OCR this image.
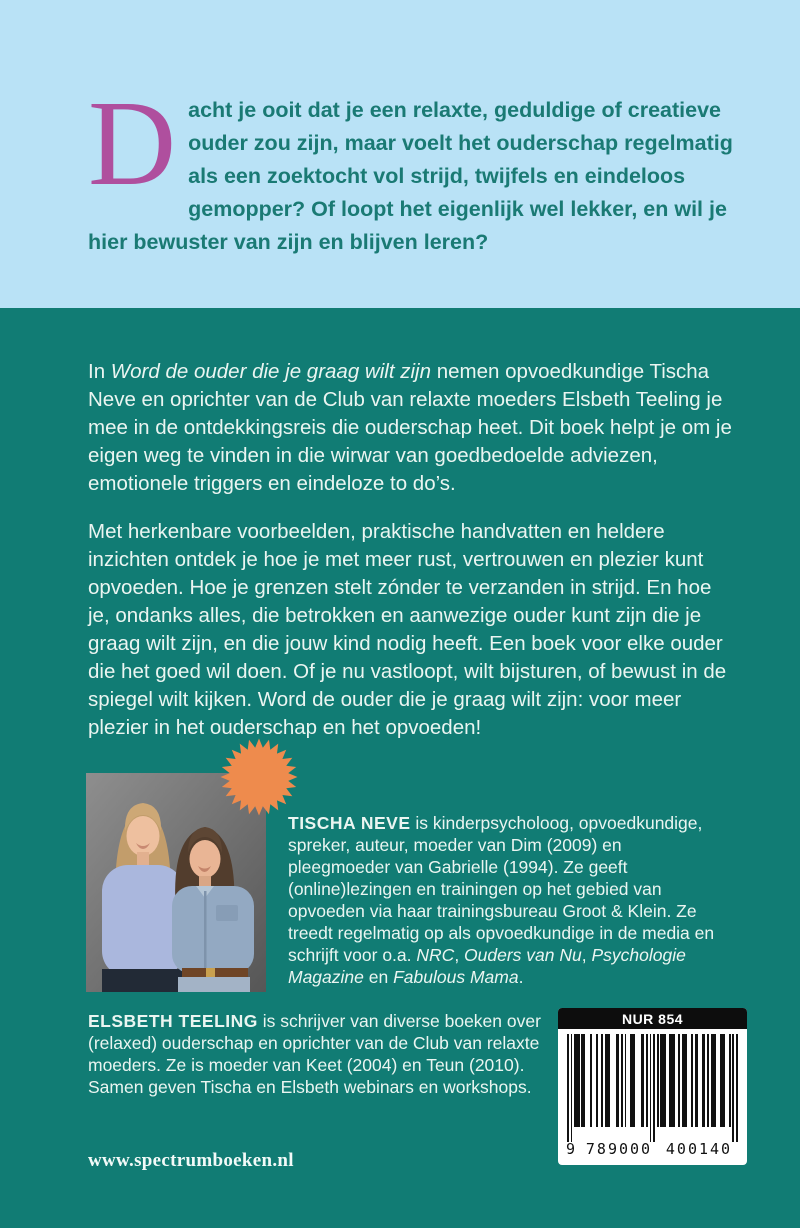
Dacht je ooit dat je een relaxte, geduldige of creatieve ouder zou zijn, maar voelt het ouderschap regelmatig als een zoektocht vol strijd, twijfels en eindeloos gemopper? Of loopt het eigenlijk wel lekker, en wil je hier bewuster van zijn en blijven leren?

In Word de ouder die je graag wilt zijn nemen opvoedkundige Tischa Neve en oprichter van de Club van relaxte moeders Elsbeth Teeling je mee in de ontdekkingsreis die ouderschap heet. Dit boek helpt je om je eigen weg te vinden in die wirwar van goedbedoelde adviezen, emotionele triggers en eindeloze to do’s.

Met herkenbare voorbeelden, praktische handvatten en heldere inzichten ontdek je hoe je met meer rust, vertrouwen en plezier kunt opvoeden. Hoe je grenzen stelt zónder te verzanden in strijd. En hoe je, ondanks alles, die betrokken en aanwezige ouder kunt zijn die je graag wilt zijn, en die jouw kind nodig heeft. Een boek voor elke ouder die het goed wil doen. Of je nu vastloopt, wilt bijsturen, of bewust in de spiegel wilt kijken. Word de ouder die je graag wilt zijn: voor meer plezier in het ouderschap en het opvoeden!

TISCHA NEVE is kinderpsycholoog, opvoedkundige, spreker, auteur, moeder van Dim (2009) en pleegmoeder van Gabrielle (1994). Ze geeft (online)lezingen en trainingen op het gebied van opvoeden via haar trainingsbureau Groot & Klein. Ze treedt regelmatig op als opvoedkundige in de media en schrijft voor o.a. NRC, Ouders van Nu, Psychologie Magazine en Fabulous Mama.

ELSBETH TEELING is schrijver van diverse boeken over (relaxed) ouderschap en oprichter van de Club van relaxte moeders. Ze is moeder van Keet (2004) en Teun (2010). Samen geven Tischa en Elsbeth webinars en workshops.

www.spectrumboeken.nl
NUR 854
9 789000 400140
